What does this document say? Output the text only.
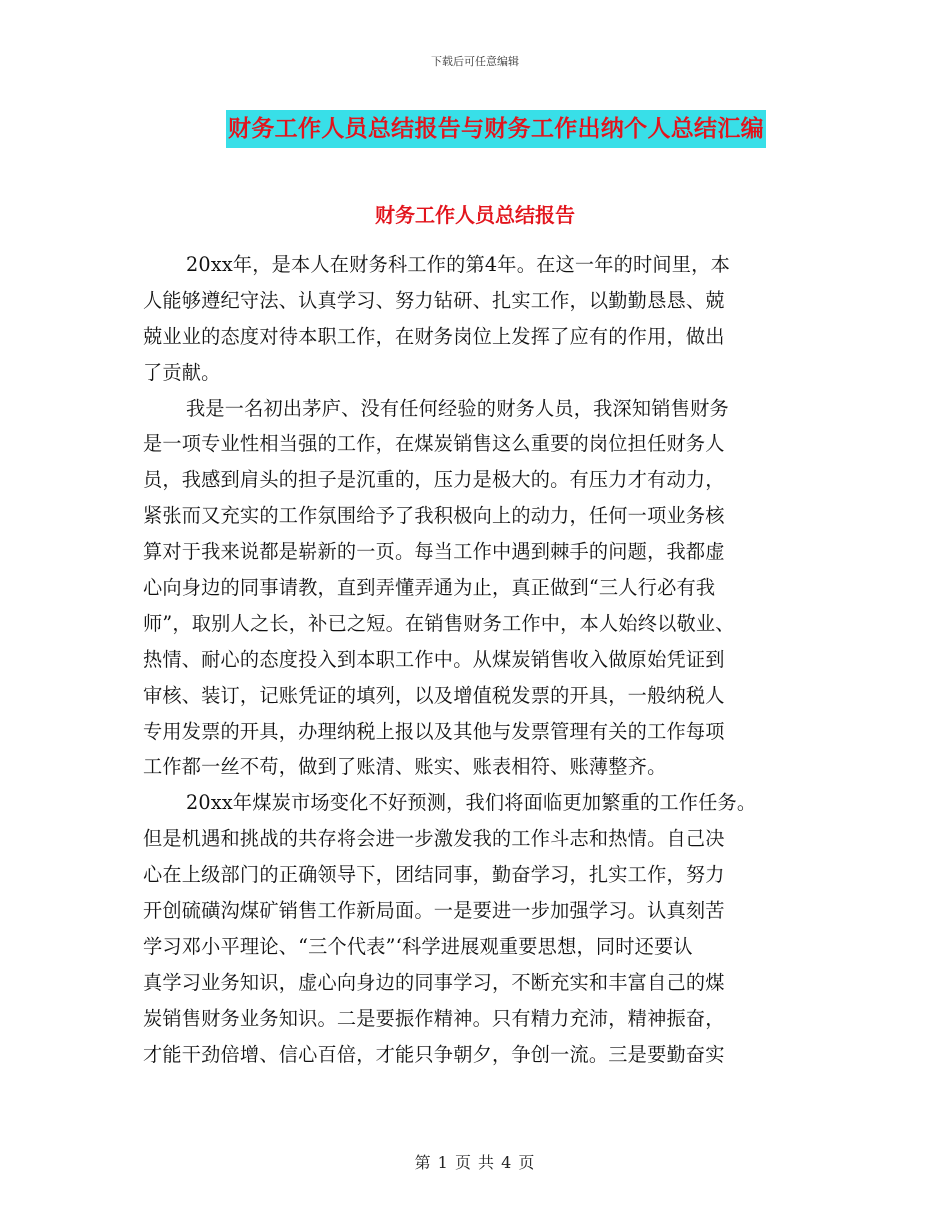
下载后可任意编辑
财务工作人员总结报告与财务工作出纳个人总结汇编
财务工作人员总结报告
20xx年，是本人在财务科工作的第4年。在这一年的时间里，本
人能够遵纪守法、认真学习、努力钻研、扎实工作，以勤勤恳恳、兢
兢业业的态度对待本职工作，在财务岗位上发挥了应有的作用，做出
了贡献。
我是一名初出茅庐、没有任何经验的财务人员，我深知销售财务
是一项专业性相当强的工作，在煤炭销售这么重要的岗位担任财务人
员，我感到肩头的担子是沉重的，压力是极大的。有压力才有动力，
紧张而又充实的工作氛围给予了我积极向上的动力，任何一项业务核
算对于我来说都是崭新的一页。每当工作中遇到棘手的问题，我都虚
心向身边的同事请教，直到弄懂弄通为止，真正做到“三人行必有我
师”，取别人之长，补已之短。在销售财务工作中，本人始终以敬业、
热情、耐心的态度投入到本职工作中。从煤炭销售收入做原始凭证到
审核、装订，记账凭证的填列，以及增值税发票的开具，一般纳税人
专用发票的开具，办理纳税上报以及其他与发票管理有关的工作每项
工作都一丝不苟，做到了账清、账实、账表相符、账薄整齐。
20xx年煤炭市场变化不好预测，我们将面临更加繁重的工作任务。
但是机遇和挑战的共存将会进一步激发我的工作斗志和热情。自己决
心在上级部门的正确领导下，团结同事，勤奋学习，扎实工作，努力
开创硫磺沟煤矿销售工作新局面。一是要进一步加强学习。认真刻苦
学习邓小平理论、“三个代表”‘科学进展观重要思想，同时还要认
真学习业务知识，虚心向身边的同事学习，不断充实和丰富自己的煤
炭销售财务业务知识。二是要振作精神。只有精力充沛，精神振奋，
才能干劲倍增、信心百倍，才能只争朝夕，争创一流。三是要勤奋实
第 1 页 共 4 页
